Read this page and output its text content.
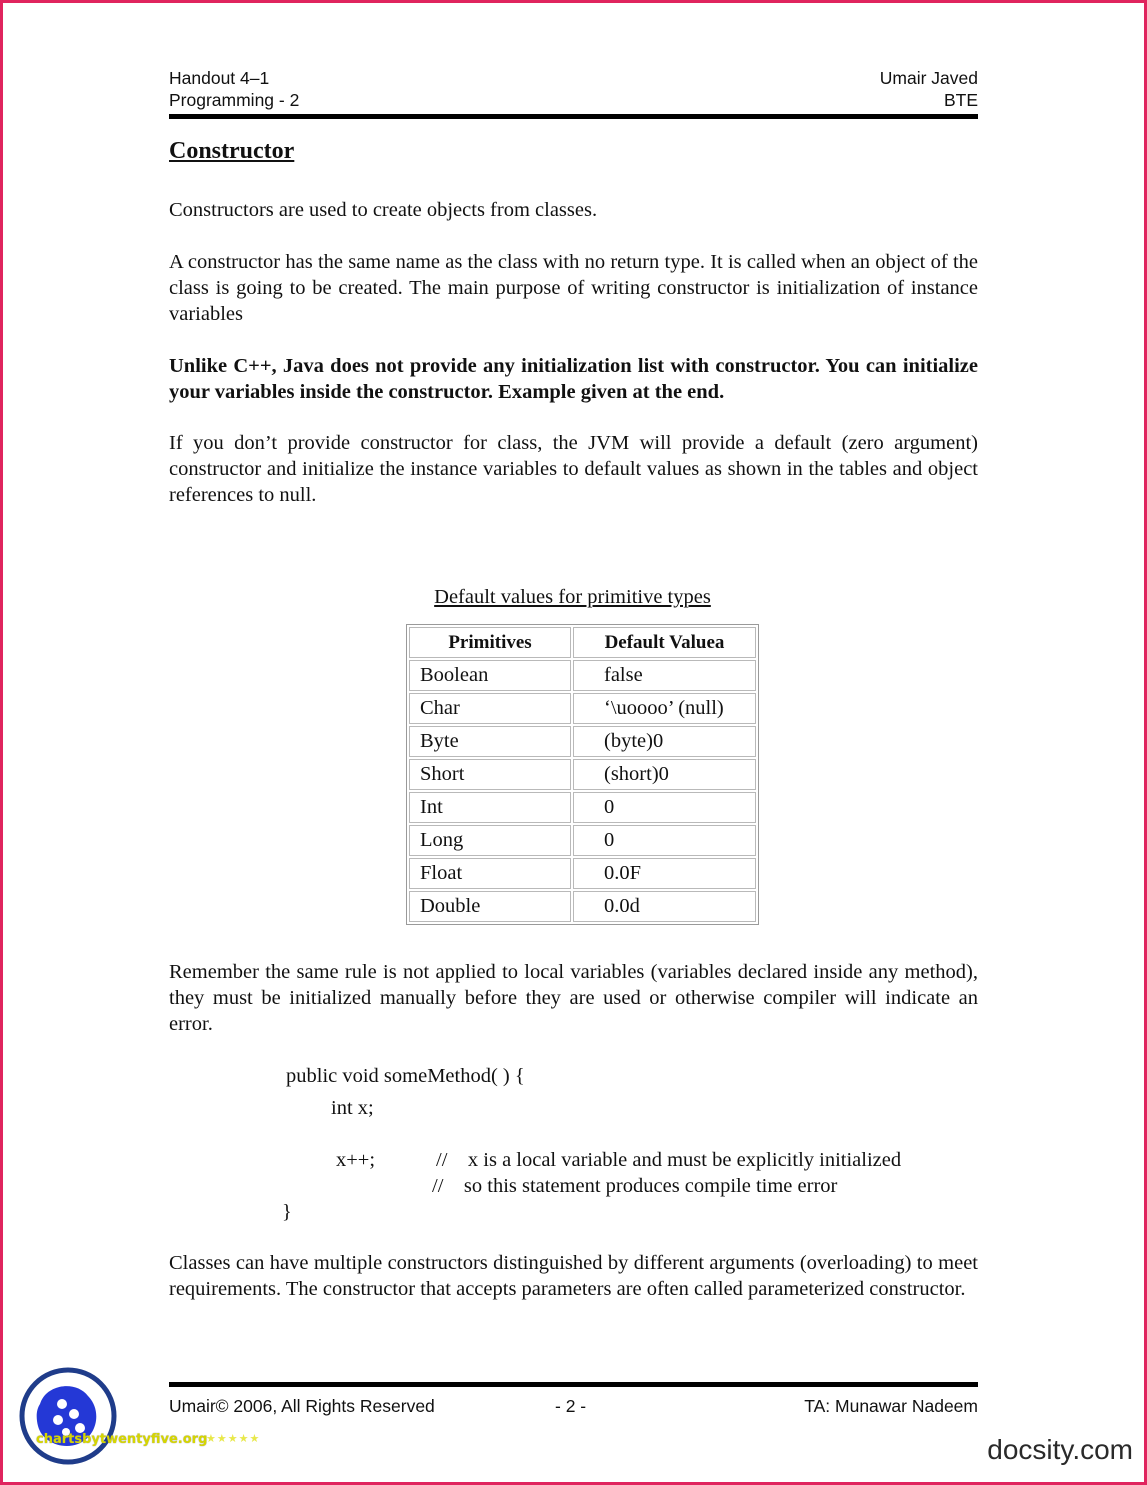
Handout 4–1
Programming - 2
Umair Javed
BTE
Constructor

Constructors are used to create objects from classes.

A constructor has the same name as the class with no return type. It is called when an object of the class is going to be created. The main purpose of writing constructor is initialization of instance variables

Unlike C++, Java does not provide any initialization list with constructor. You can initialize your variables inside the constructor. Example given at the end.

If you don’t provide constructor for class, the JVM will provide a default (zero argument) constructor and initialize the instance variables to default values as shown in the tables and object references to null.

Default values for primitive types
Primitives	Default Valuea
Boolean	false
Char	‘\uoooo’ (null)
Byte	(byte)0
Short	(short)0
Int	0
Long	0
Float	0.0F
Double	0.0d

Remember the same rule is not applied to local variables (variables declared inside any method), they must be initialized manually before they are used or otherwise compiler will indicate an error.

public void someMethod( ) {
int x;
x++;	//    x is a local variable and must be explicitly initialized
//    so this statement produces compile time error
}

Classes can have multiple constructors distinguished by different arguments (overloading) to meet requirements. The constructor that accepts parameters are often called parameterized constructor.

Umair© 2006, All Rights Reserved	- 2 -	TA: Munawar Nadeem
chartsbytwentyfive.org
★★★★★	docsity.com
